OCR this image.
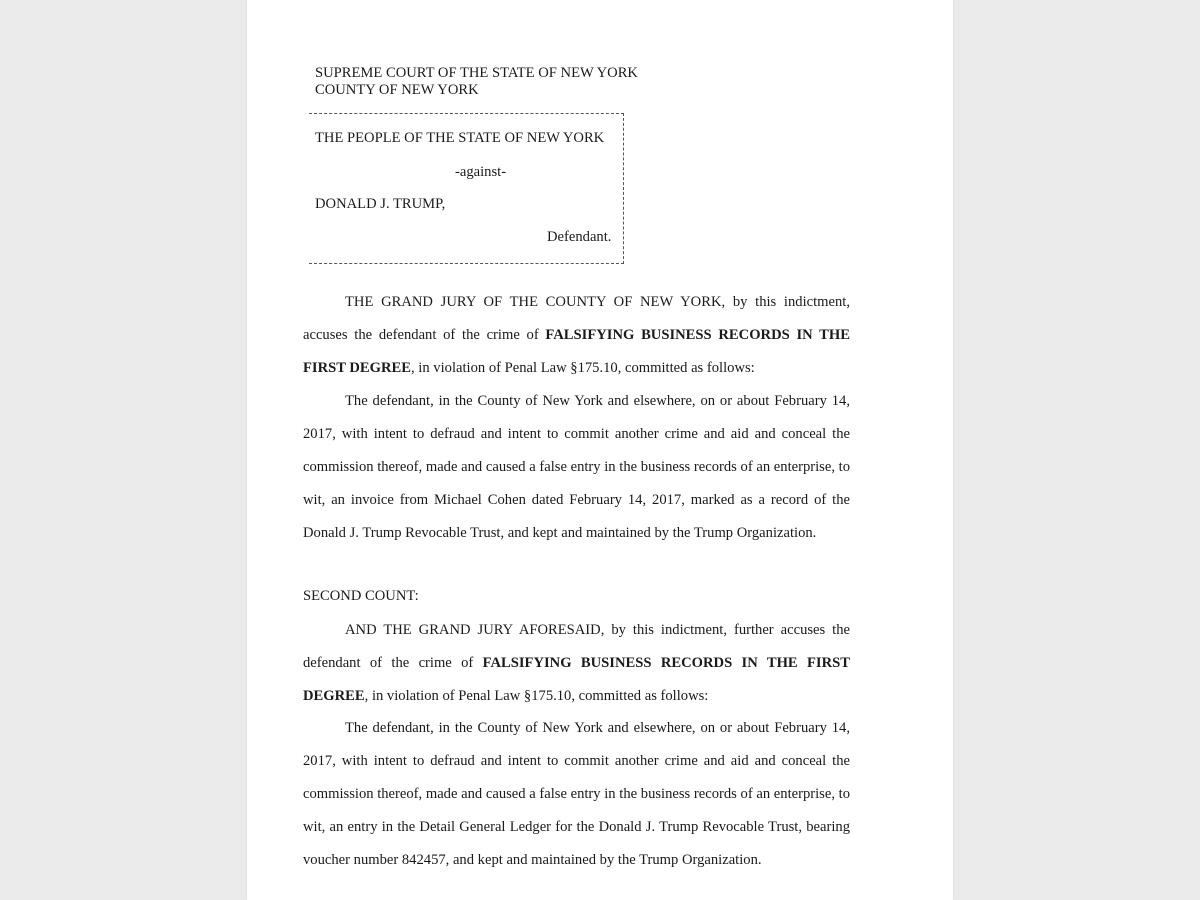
SUPREME COURT OF THE STATE OF NEW YORK
COUNTY OF NEW YORK
THE PEOPLE OF THE STATE OF NEW YORK
-against-
DONALD J. TRUMP,
Defendant.

THE GRAND JURY OF THE COUNTY OF NEW YORK, by this indictment, accuses the defendant of the crime of FALSIFYING BUSINESS RECORDS IN THE FIRST DEGREE, in violation of Penal Law §175.10, committed as follows:

The defendant, in the County of New York and elsewhere, on or about February 14, 2017, with intent to defraud and intent to commit another crime and aid and conceal the commission thereof, made and caused a false entry in the business records of an enterprise, to wit, an invoice from Michael Cohen dated February 14, 2017, marked as a record of the Donald J. Trump Revocable Trust, and kept and maintained by the Trump Organization.

SECOND COUNT:

AND THE GRAND JURY AFORESAID, by this indictment, further accuses the defendant of the crime of FALSIFYING BUSINESS RECORDS IN THE FIRST DEGREE, in violation of Penal Law §175.10, committed as follows:

The defendant, in the County of New York and elsewhere, on or about February 14, 2017, with intent to defraud and intent to commit another crime and aid and conceal the commission thereof, made and caused a false entry in the business records of an enterprise, to wit, an entry in the Detail General Ledger for the Donald J. Trump Revocable Trust, bearing voucher number 842457, and kept and maintained by the Trump Organization.
